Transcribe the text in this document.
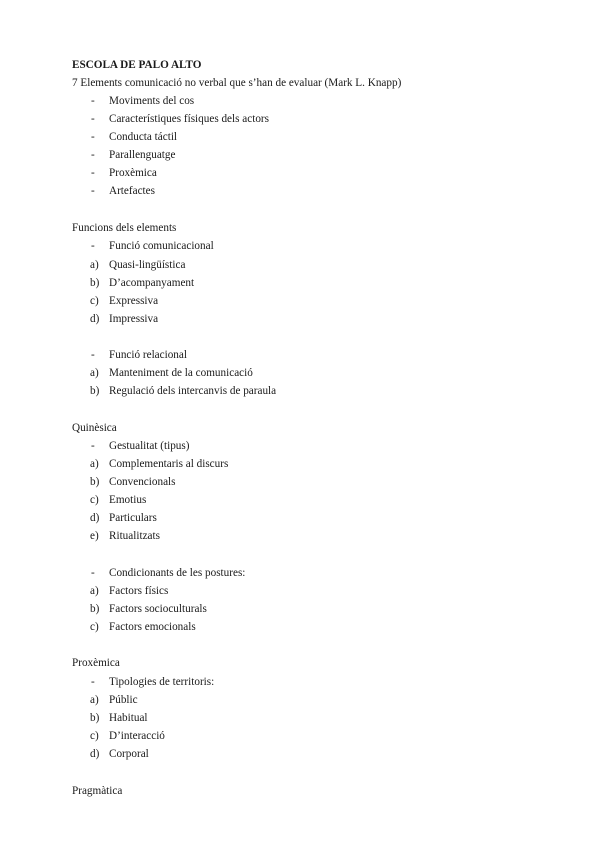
ESCOLA DE PALO ALTO
7 Elements comunicació no verbal que s’han de evaluar (Mark L. Knapp)
- Moviments del cos
- Característiques físiques dels actors
- Conducta táctil
- Parallenguatge
- Proxèmica
- Artefactes
Funcions dels elements
- Funció comunicacional
a) Quasi-lingüística
b) D’acompanyament
c) Expressiva
d) Impressiva
- Funció relacional
a) Manteniment de la comunicació
b) Regulació dels intercanvis de paraula
Quinèsica
- Gestualitat (tipus)
a) Complementaris al discurs
b) Convencionals
c) Emotius
d) Particulars
e) Ritualitzats
- Condicionants de les postures:
a) Factors físics
b) Factors socioculturals
c) Factors emocionals
Proxèmica
- Tipologies de territoris:
a) Públic
b) Habitual
c) D’interacció
d) Corporal
Pragmàtica
